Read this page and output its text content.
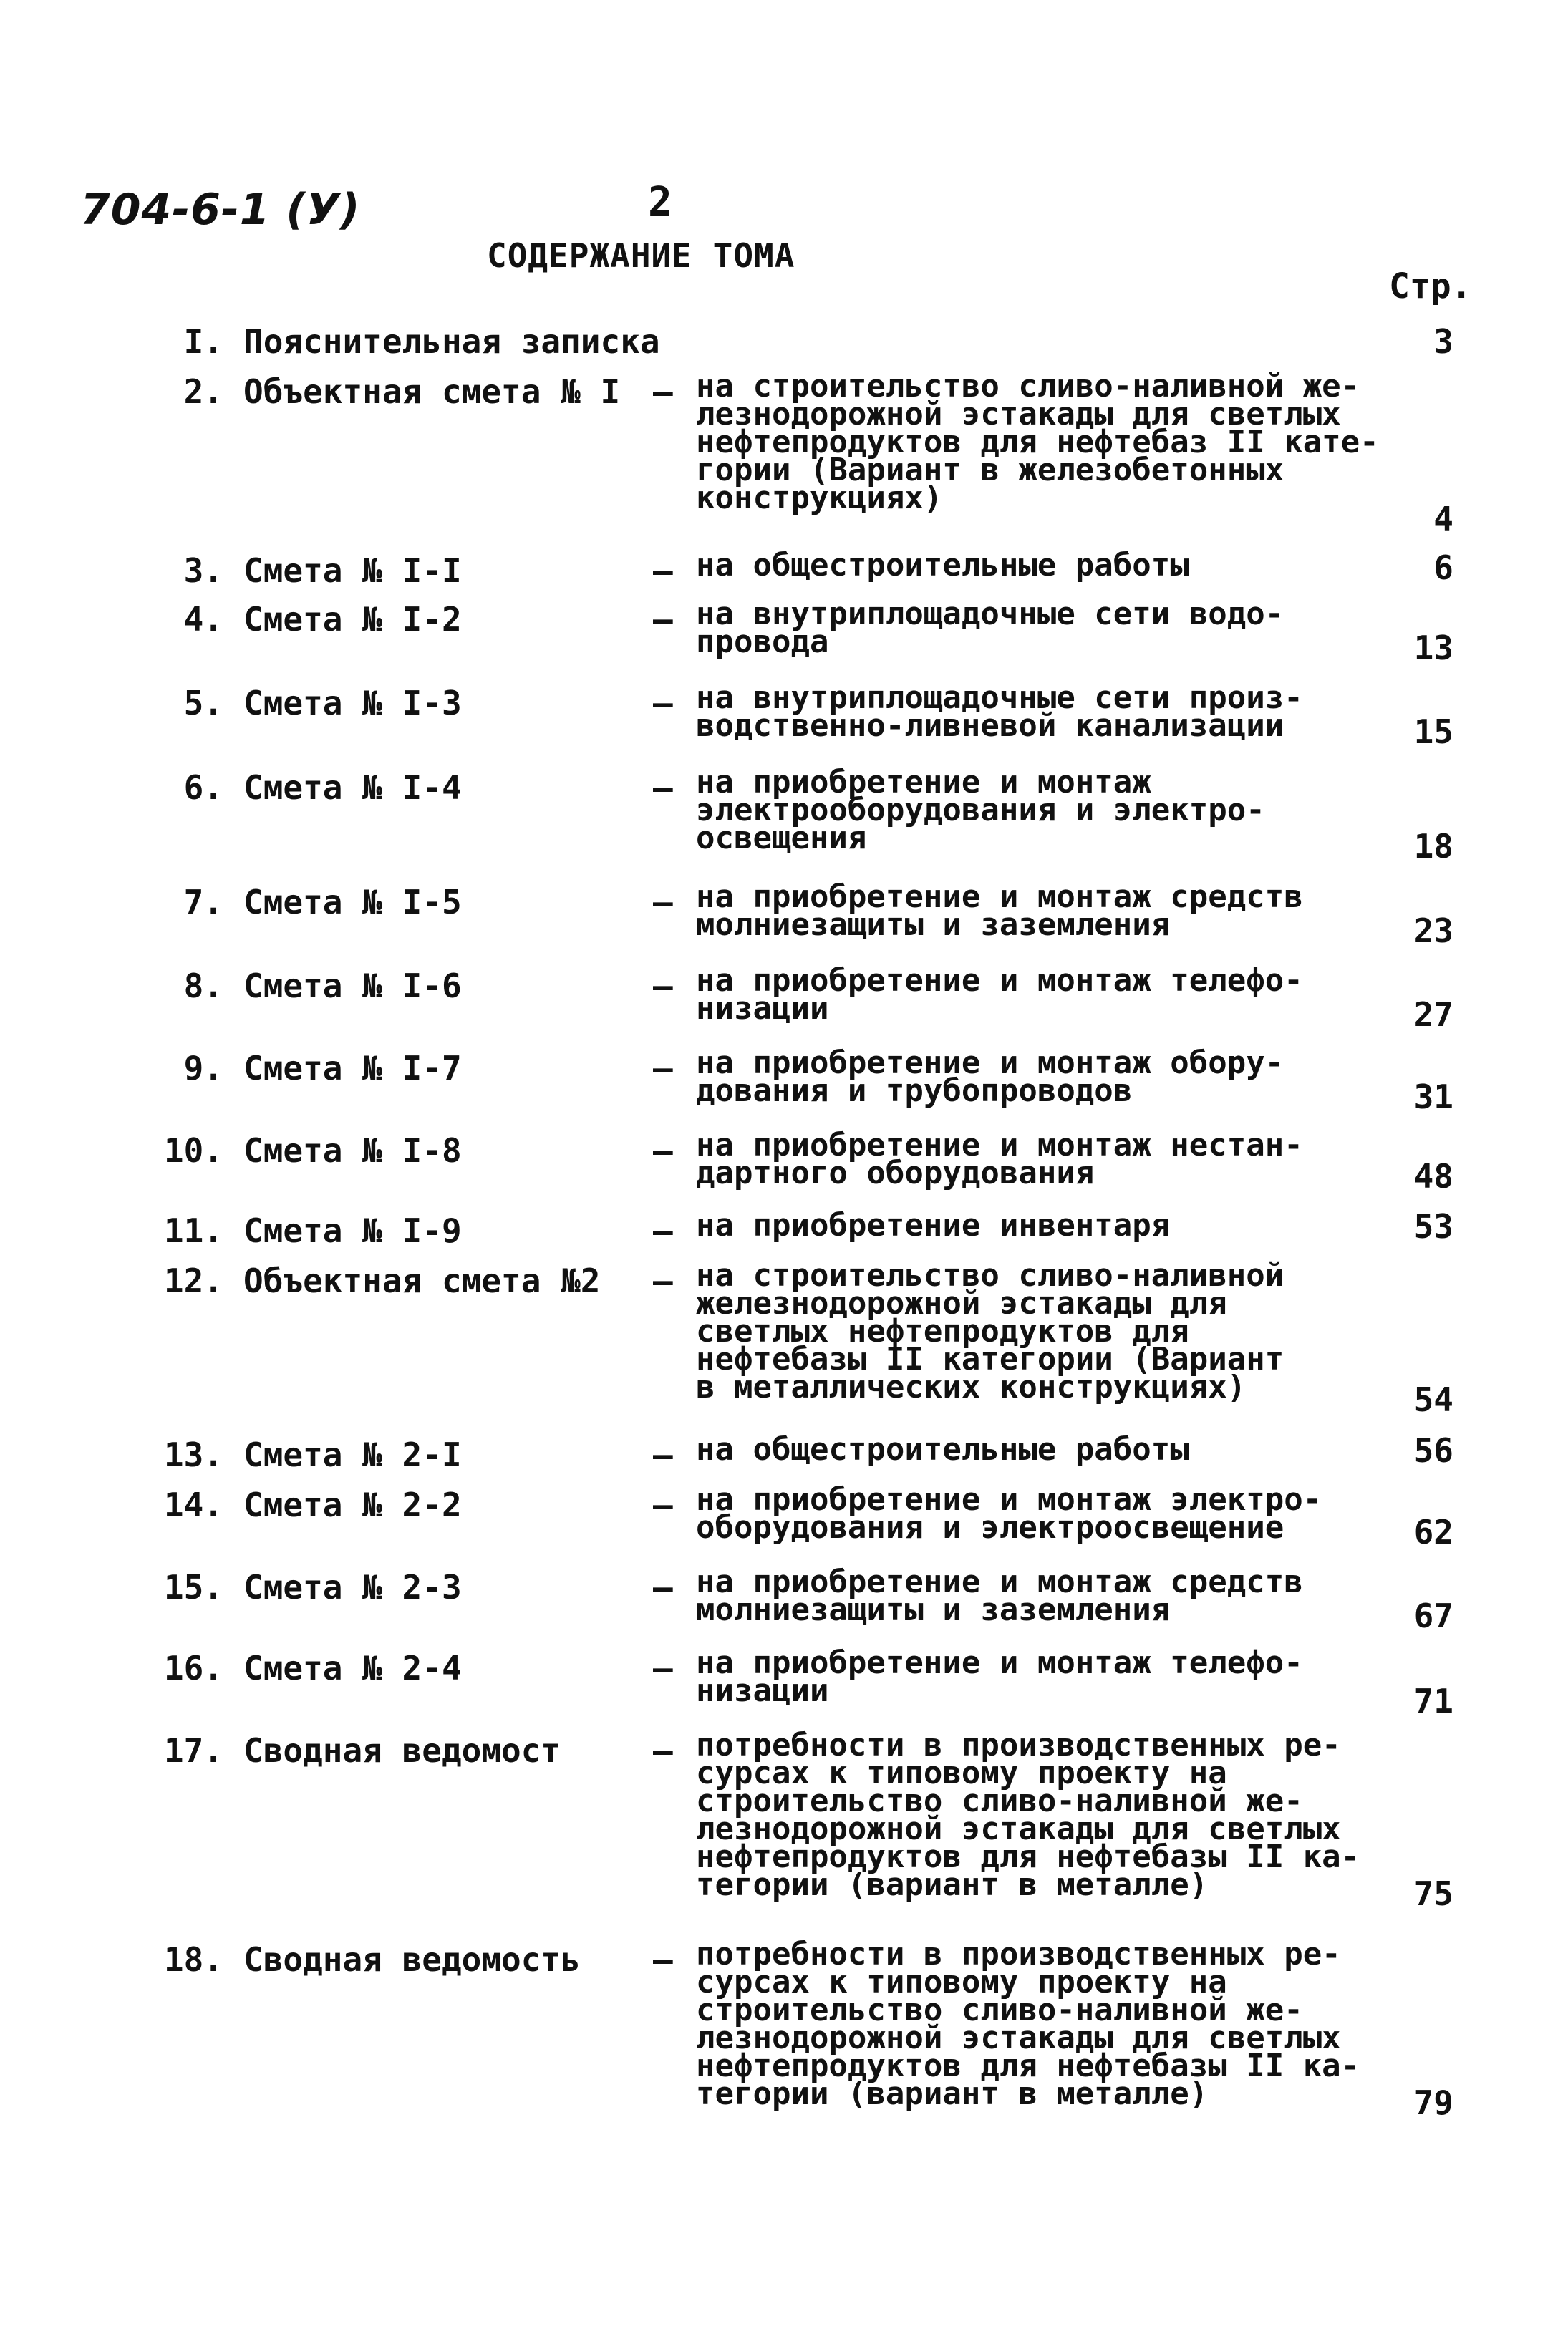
704-6-1 (У)	2
СОДЕРЖАНИЕ ТОМА
Стр.
I. Пояснительная записка	3
2. Объектная смета № I – на строительство сливо-наливной же-
лезнодорожной эстакады для светлых
нефтепродуктов для нефтебаз II кате-
гории (Вариант в железобетонных
конструкциях)
4
3. Смета № I-I	– на общестроительные работы	6
4. Смета № I-2	– на внутриплощадочные сети водо-
провода	13
5. Смета № I-3	– на внутриплощадочные сети произ-
водственно-ливневой канализации	15
6. Смета № I-4	– на приобретение и монтаж
электрооборудования и электро-
освещения	18
7. Смета № I-5	– на приобретение и монтаж средств
молниезащиты и заземления	23
8. Смета № I-6	– на приобретение и монтаж телефо-
низации	27
9. Смета № I-7	– на приобретение и монтаж обору-
дования и трубопроводов	31
10. Смета № I-8	– на приобретение и монтаж нестан-
дартного оборудования	48
11. Смета № I-9	– на приобретение инвентаря	53
12. Объектная смета №2 – на строительство сливо-наливной
железнодорожной эстакады для
светлых нефтепродуктов для
нефтебазы II категории (Вариант
в металлических конструкциях)	54
13. Смета № 2-I	– на общестроительные работы	56
14. Смета № 2-2	– на приобретение и монтаж электро-
оборудования и электроосвещение	62
15. Смета № 2-3	– на приобретение и монтаж средств
молниезащиты и заземления	67
16. Смета № 2-4	– на приобретение и монтаж телефо-
низации	71
17. Сводная ведомост	– потребности в производственных ре-
сурсах к типовому проекту на
строительство сливо-наливной же-
лезнодорожной эстакады для светлых
нефтепродуктов для нефтебазы II ка-
тегории (вариант в металле)	75
18. Сводная ведомость – потребности в производственных ре-
сурсах к типовому проекту на
строительство сливо-наливной же-
лезнодорожной эстакады для светлых
нефтепродуктов для нефтебазы II ка-
тегории (вариант в металле)	79
